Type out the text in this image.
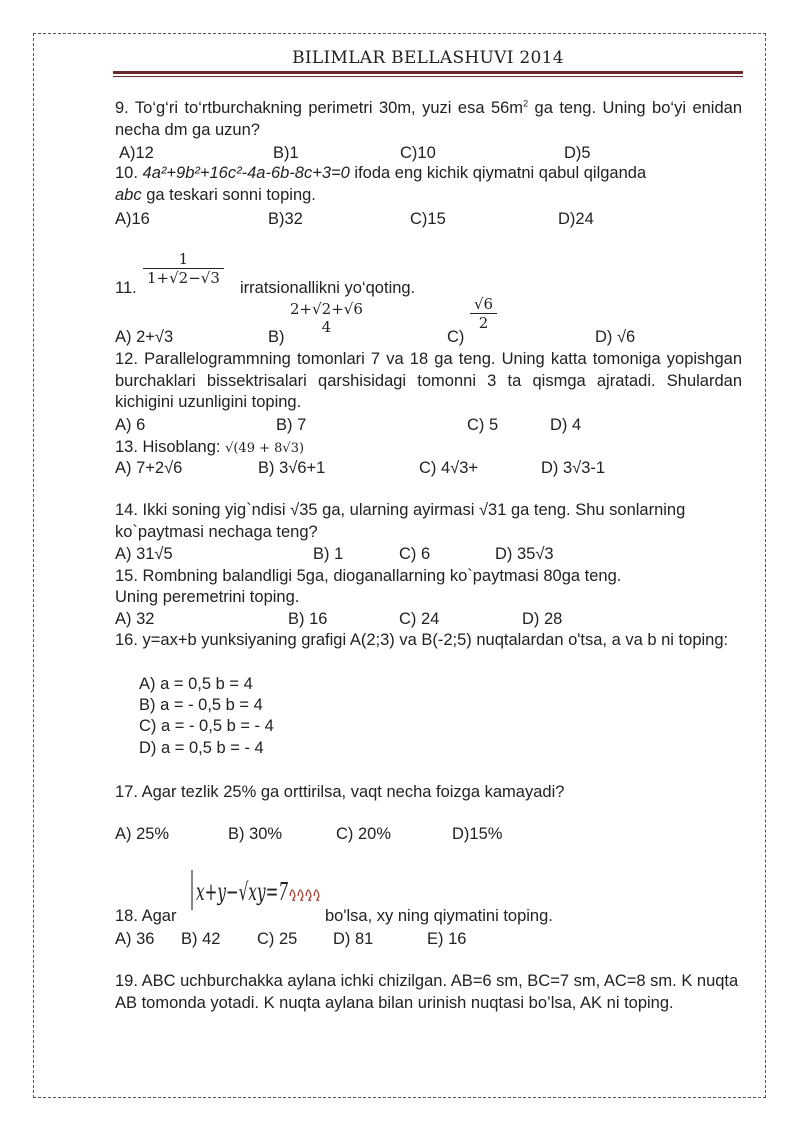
BILIMLAR BELLASHUVI 2014

9. To‘g‘ri to‘rtburchakning perimetri 30m, yuzi esa $56m^2$ ga teng. Uning bo‘yi enidan necha dm ga uzun?

A)12	B)1	C)10	D)5

10. 4a²+9b²+16c²-4a-6b-8c+3=0 ifoda eng kichik qiymatni qabul qilganda

abc ga teskari sonni toping.

A)16	B)32	C)15	D)24
11.
1
1+√2−√3
irratsionallikni yo‘qoting.
A) 2+√3	B)
2+√2+√6
4
C)
√6
2
D) √6

12. Parallelogrammning tomonlari 7 va 18 ga teng. Uning katta tomoniga yopishgan burchaklari bissektrisalari qarshisidagi tomonni 3 ta qismga ajratadi. Shulardan kichigini uzunligini toping.

A) 6	B) 7	C) 5	D) 4
13. Hisoblang: √(49 + 8√3)
A) 7+2√6	B) 3√6+1	C) 4√3+	D) 3√3-1

14. Ikki soning yig`ndisi √35 ga, ularning ayirmasi √31 ga teng. Shu sonlarning ko`paytmasi nechaga teng?

A) 31√5	B) 1	C) 6	D) 35√3
15. Rombning balandligi 5ga, dioganallarning ko`paytmasi 80ga teng.
Uning peremetrini toping.
A) 32	B) 16	C) 24	D) 28

16. y=ax+b yunksiyaning grafigi A(2;3) va B(-2;5) nuqtalardan o'tsa, a va b ni toping:

A) a = 0,5 b = 4
B) a = - 0,5 b = 4
C) a = - 0,5 b = - 4
D) a = 0,5 b = - 4
17. Agar tezlik 25% ga orttirilsa, vaqt necha foizga kamayadi?
A) 25%	B) 30%	C) 20%	D)15%
18. Agar
x+y−√xy=7
bo'lsa, xy ning qiymatini toping.
A) 36 B) 42 C) 25 D) 81	E) 16

19. ABC uchburchakka aylana ichki chizilgan. AB=6 sm, BC=7 sm, AC=8 sm. K nuqta AB tomonda yotadi. K nuqta aylana bilan urinish nuqtasi bo’lsa, AK ni toping.
